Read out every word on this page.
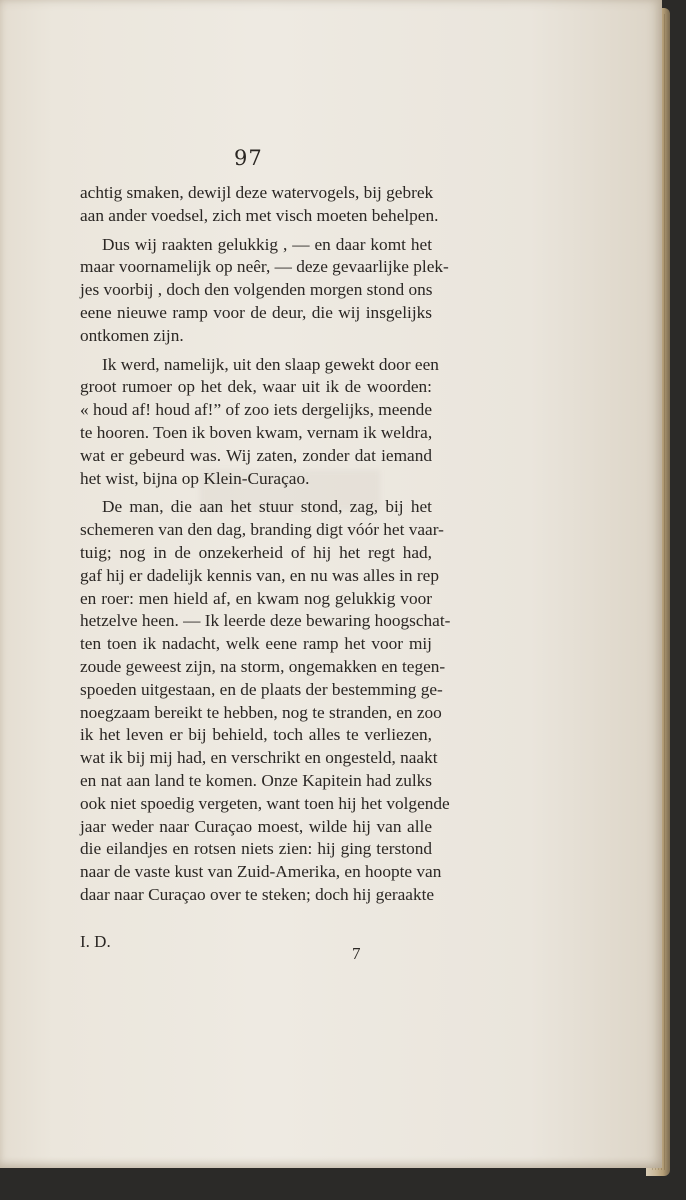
97
achtig smaken, dewijl deze watervogels, bij gebrek
aan ander voedsel, zich met visch moeten behelpen.
Dus wij raakten gelukkig , — en daar komt het
maar voornamelijk op neêr, — deze gevaarlijke plek-
jes voorbij , doch den volgenden morgen stond ons
eene nieuwe ramp voor de deur, die wij insgelijks
ontkomen zijn.
Ik werd, namelijk, uit den slaap gewekt door een
groot rumoer op het dek, waar uit ik de woorden:
« houd af! houd af!” of zoo iets dergelijks, meende
te hooren. Toen ik boven kwam, vernam ik weldra,
wat er gebeurd was. Wij zaten, zonder dat iemand
het wist, bijna op Klein-Curaçao.
De man, die aan het stuur stond, zag, bij het
schemeren van den dag, branding digt vóór het vaar-
tuig; nog in de onzekerheid of hij het regt had,
gaf hij er dadelijk kennis van, en nu was alles in rep
en roer: men hield af, en kwam nog gelukkig voor
hetzelve heen. — Ik leerde deze bewaring hoogschat-
ten toen ik nadacht, welk eene ramp het voor mij
zoude geweest zijn, na storm, ongemakken en tegen-
spoeden uitgestaan, en de plaats der bestemming ge-
noegzaam bereikt te hebben, nog te stranden, en zoo
ik het leven er bij behield, toch alles te verliezen,
wat ik bij mij had, en verschrikt en ongesteld, naakt
en nat aan land te komen. Onze Kapitein had zulks
ook niet spoedig vergeten, want toen hij het volgende
jaar weder naar Curaçao moest, wilde hij van alle
die eilandjes en rotsen niets zien: hij ging terstond
naar de vaste kust van Zuid-Amerika, en hoopte van
daar naar Curaçao over te steken; doch hij geraakte
I. D.
7
